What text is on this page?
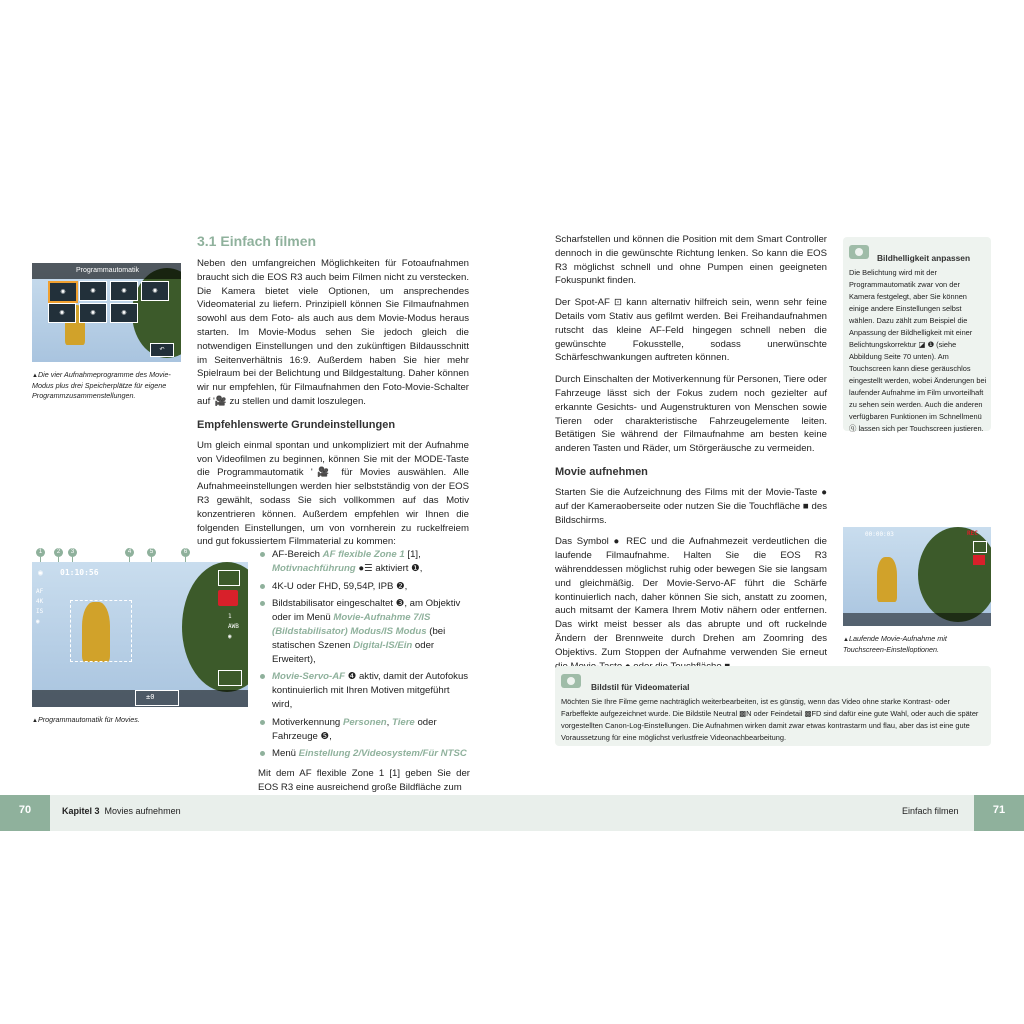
Programmautomatik
◉	◉	◉	◉
◉	◉	◉
↶
▲ Die vier Aufnahmeprogramme des Movie-Modus plus drei Speicherplätze für eigene Programmzusammenstellungen.
3.1 Einfach filmen

Neben den umfangreichen Möglichkeiten für Fotoaufnahmen braucht sich die EOS R3 auch beim Filmen nicht zu verstecken. Die Kamera bietet viele Optionen, um ansprechendes Videomaterial zu liefern. Prinzipiell können Sie Filmaufnahmen sowohl aus dem Foto- als auch aus dem Movie-Modus heraus starten. Im Movie-Modus sehen Sie jedoch gleich die notwendigen Einstellungen und den zukünftigen Bildausschnitt im Seitenverhältnis 16:9. Außerdem haben Sie hier mehr Spielraum bei der Belichtung und Bildgestaltung. Daher können wir nur empfehlen, für Filmaufnahmen den Foto-Movie-Schalter auf '🎥 zu stellen und damit loszulegen.

Empfehlenswerte Grundeinstellungen

Um gleich einmal spontan und unkompliziert mit der Aufnahme von Videofilmen zu beginnen, können Sie mit der MODE-Taste die Programmautomatik '🎥 für Movies auswählen. Alle Aufnahmeeinstellungen werden hier selbstständig von der EOS R3 gewählt, sodass Sie sich vollkommen auf das Motiv konzentrieren können. Außerdem empfehlen wir Ihnen die folgenden Einstellungen, um von vornherein zu ruckelfreiem und gut fokussiertem Filmmaterial zu kommen:

1	2	3	4	5	6
◉ 01:10:56
AF
4K
IS
◉
1
AWB
◉
±0
▲ Programmautomatik für Movies.
AF-Bereich AF flexible Zone 1 [1], Motivnachführung ●☰ aktiviert ❶,
4K-U oder FHD, 59,54P, IPB ❷,
Bildstabilisator eingeschaltet ❸, am Objektiv oder im Menü Movie-Aufnahme 7/IS (Bildstabilisator) Modus/IS Modus (bei statischen Szenen Digital-IS/Ein oder Erweitert),
Movie-Servo-AF ❹ aktiv, damit der Autofokus kontinuierlich mit Ihren Motiven mitgeführt wird,
Motiverkennung Personen, Tiere oder Fahrzeuge ❺,
Menü Einstellung 2/Videosystem/Für NTSC

Mit dem AF flexible Zone 1 [1] geben Sie der EOS R3 eine ausreichend große Bildfläche zum

Scharfstellen und können die Position mit dem Smart Controller dennoch in die gewünschte Richtung lenken. So kann die EOS R3 möglichst schnell und ohne Pumpen einen geeigneten Fokuspunkt finden.

Der Spot-AF ⊡ kann alternativ hilfreich sein, wenn sehr feine Details vom Stativ aus gefilmt werden. Bei Freihandaufnahmen rutscht das kleine AF-Feld hingegen schnell neben die gewünschte Fokusstelle, sodass unerwünschte Schärfeschwankungen auftreten können.

Durch Einschalten der Motiverkennung für Personen, Tiere oder Fahrzeuge lässt sich der Fokus zudem noch gezielter auf erkannte Gesichts- und Augenstrukturen von Menschen sowie Tieren oder charakteristische Fahrzeugelemente leiten. Betätigen Sie während der Filmaufnahme am besten keine anderen Tasten und Räder, um Störgeräusche zu vermeiden.

Movie aufnehmen

Starten Sie die Aufzeichnung des Films mit der Movie-Taste ● auf der Kameraoberseite oder nutzen Sie die Touchfläche ■ des Bildschirms.

Das Symbol ● REC und die Aufnahmezeit verdeutlichen die laufende Filmaufnahme. Halten Sie die EOS R3 währenddessen möglichst ruhig oder bewegen Sie sie langsam und gleichmäßig. Der Movie-Servo-AF führt die Schärfe kontinuierlich nach, daher können Sie sich, anstatt zu zoomen, auch mitsamt der Kamera Ihrem Motiv nähern oder entfernen. Das wirkt meist besser als das abrupte und oft ruckelnde Ändern der Brennweite durch Drehen am Zoomring des Objektivs. Zum Stoppen der Aufnahme verwenden Sie erneut

Bildhelligkeit anpassen
Die Belichtung wird mit der Programmautomatik zwar von der Kamera festgelegt, aber Sie können einige andere Einstellungen selbst wählen. Dazu zählt zum Beispiel die Anpassung der Bildhelligkeit mit einer Belichtungskorrektur ◪ ❶ (siehe Abbildung Seite 70 unten). Am Touchscreen kann diese geräuschlos eingestellt werden, wobei Änderungen bei laufender Aufnahme im Film unvorteilhaft zu sehen sein werden. Auch die anderen verfügbaren Funktionen im Schnellmenü ⓠ lassen sich per Touchscreen justieren.
00:00:03	REC
▲ Laufende Movie-Aufnahme mit Touchscreen-Einstelloptionen.
Bildstil für Videomaterial
Möchten Sie Ihre Filme gerne nachträglich weiterbearbeiten, ist es günstig, wenn das Video ohne starke Kontrast- oder Farbeffekte aufgezeichnet wurde. Die Bildstile Neutral ▩N oder Feindetail ▩FD sind dafür eine gute Wahl, oder auch die später vorgestellten Canon-Log-Einstellungen. Die Aufnahmen wirken damit zwar etwas kontrastarm und flau, aber das ist eine gute Voraussetzung für eine möglichst verlustfreie Videonachbearbeitung.
70	Kapitel 3 Movies aufnehmen	Einfach filmen	71
